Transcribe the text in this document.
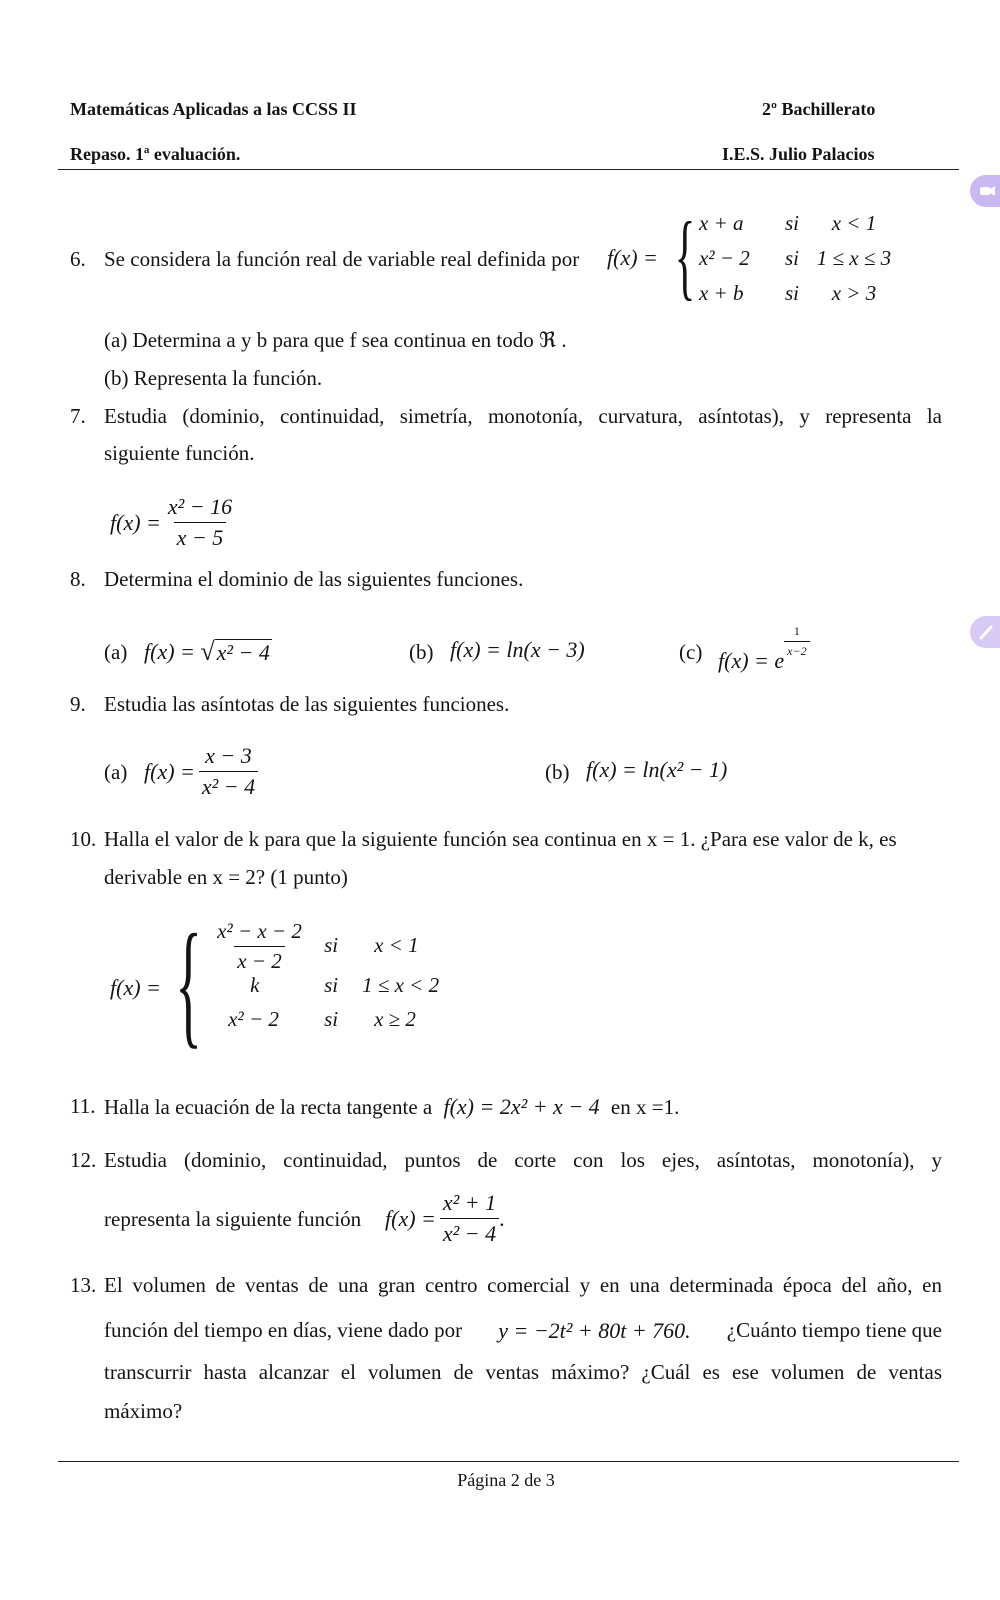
Matemáticas Aplicadas a las CCSS II	2º Bachillerato
Repaso. 1ª evaluación.	I.E.S. Julio Palacios
6. Se considera la función real de variable real definida por f(x) = { x + a	si	x < 1
x² − 2	si	1 ≤ x ≤ 3
x + b	si	x > 3
(a) Determina a y b para que f sea continua en todo ℜ .
(b) Representa la función.
7. Estudia (dominio, continuidad, simetría, monotonía, curvatura, asíntotas), y representa la
siguiente función.
$f(x) = \frac{\text{x² − 16}}{x - 5}$
8. Determina el dominio de las siguientes funciones.
(a) f(x) = √ x² − 4	(b) f(x) = ln(x − 3)	(c) f(x) = e
$\frac{1}{x-2}$
9. Estudia las asíntotas de las siguientes funciones.
(a) $f(x) = \frac{x - 3}{\text{x² − 4}}$	(b) f(x) = ln(x² − 1)
10. Halla el valor de k para que la siguiente función sea continua en x = 1. ¿Para ese valor de k, es
derivable en x = 2? (1 punto)
f(x) = { $\frac{\text{x² − x − 2}}{x - 2}$ si x < 1
k	si 1 ≤ x < 2
x² − 2 si x ≥ 2
11. Halla la ecuación de la recta tangente a f(x) = 2x² + x − 4 en x =1.
12. Estudia (dominio, continuidad, puntos de corte con los ejes, asíntotas, monotonía), y
representa la siguiente función $f(x) = \frac{\text{x² + 1}}{\text{x² − 4}}$ .
13. El volumen de ventas de una gran centro comercial y en una determinada época del año, en
función del tiempo en días, viene dado por y = −2t² + 80t + 760. ¿Cuánto tiempo tiene que
transcurrir hasta alcanzar el volumen de ventas máximo? ¿Cuál es ese volumen de ventas
máximo?
Página 2 de 3
